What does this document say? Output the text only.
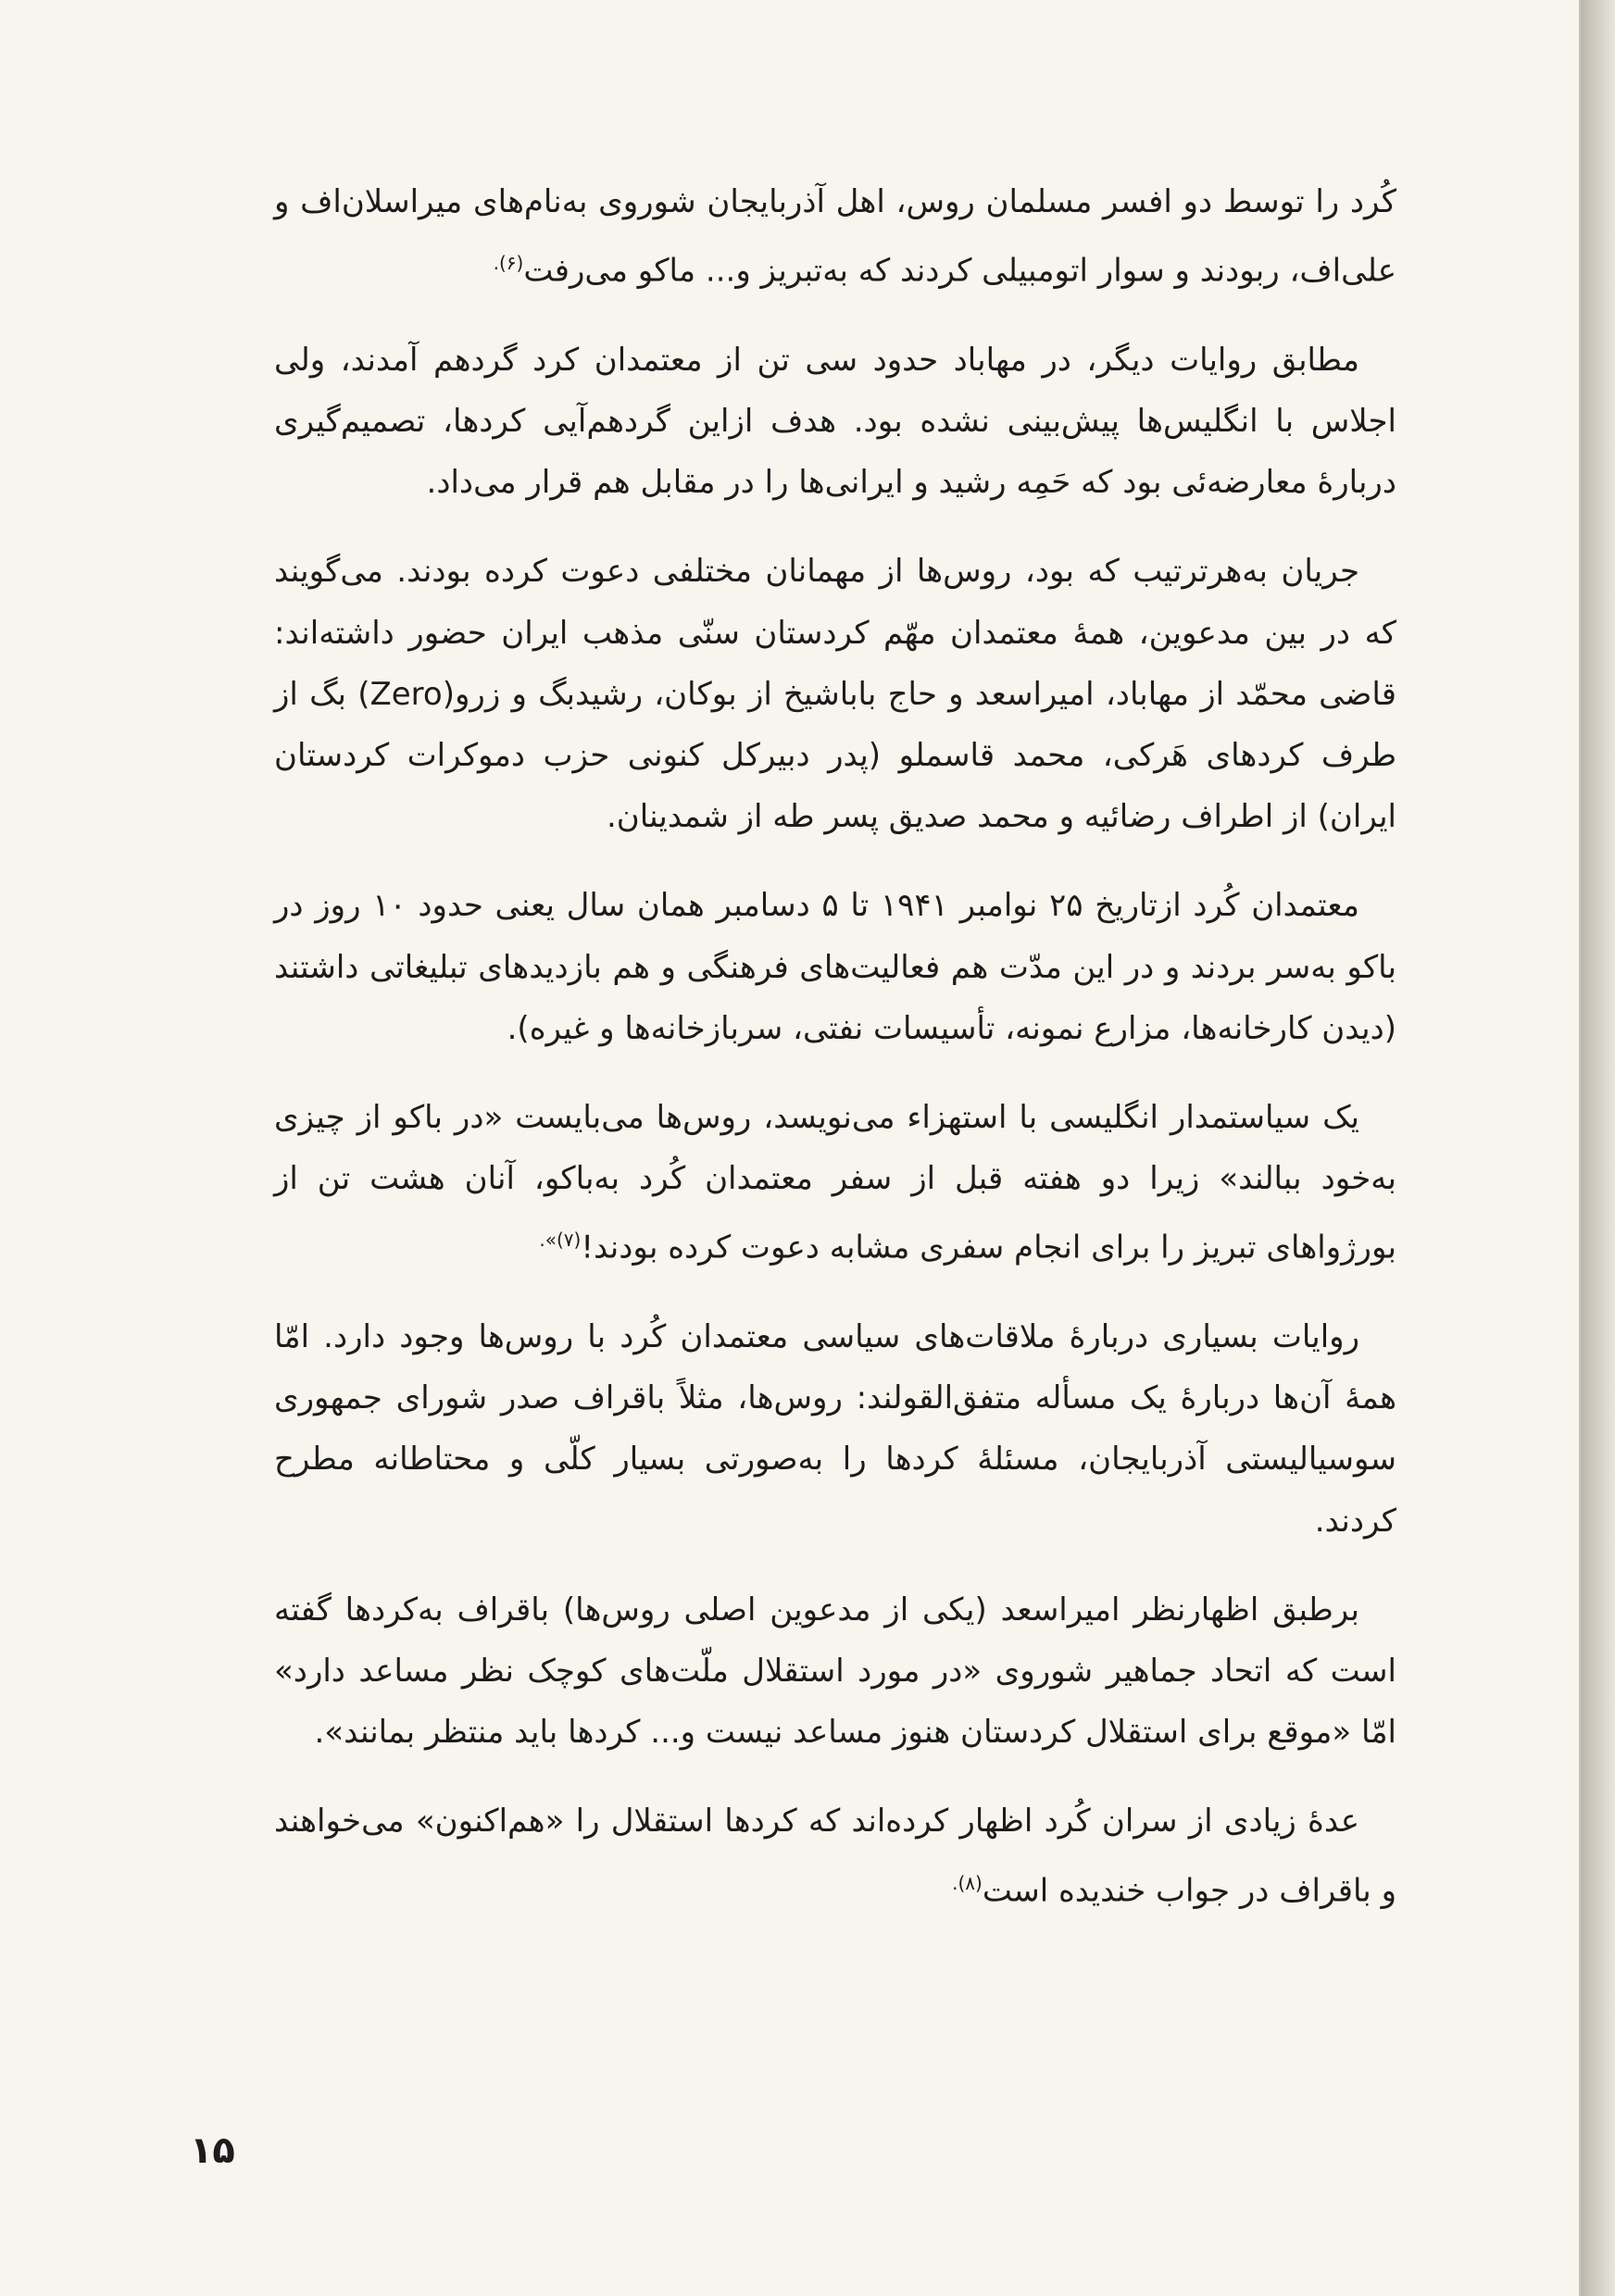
کُرد را توسط دو افسر مسلمان روس، اهل آذربایجان شوروی به‌نام‌های میراسلان‌اف و علی‌اف، ربودند و سوار اتومبیلی کردند که به‌تبریز و... ماکو می‌رفت$^{(۶).}$

مطابق روایات دیگر، در مهاباد حدود سی تن از معتمدان کرد گردهم آمدند، ولی اجلاس با انگلیس‌ها پیش‌بینی نشده بود. هدف ازاین گردهم‌آیی کردها، تصمیم‌گیری دربارهٔ معارضه‌ئی بود که حَمِه رشید و ایرانی‌ها را در مقابل هم قرار می‌داد.

جریان به‌هرترتیب که بود، روس‌ها از مهمانان مختلفی دعوت کرده بودند. می‌گویند که در بین مدعوین، همهٔ معتمدان مهّم کردستان سنّی مذهب ایران حضور داشته‌اند: قاضی محمّد از مهاباد، امیراسعد و حاج باباشیخ از بوکان، رشیدبگ و زرو(Zero) بگ از طرف کردهای هَرکی، محمد قاسملو (پدر دبیرکل کنونی حزب دموکرات کردستان ایران) از اطراف رضائیه و محمد صدیق پسر طه از شمدینان.

معتمدان کُرد ازتاریخ ۲۵ نوامبر ۱۹۴۱ تا ۵ دسامبر همان سال یعنی حدود ۱۰ روز در باکو به‌سر بردند و در این مدّت هم فعالیت‌های فرهنگی و هم بازدیدهای تبلیغاتی داشتند (دیدن کارخانه‌ها، مزارع نمونه، تأسیسات نفتی، سربازخانه‌ها و غیره).

یک سیاستمدار انگلیسی با استهزاء می‌نویسد، روس‌ها می‌بایست «در باکو از چیزی به‌خود ببالند» زیرا دو هفته قبل از سفر معتمدان کُرد به‌باکو، آنان هشت تن از بورژواهای تبریز را برای انجام سفری مشابه دعوت کرده بودند!$^{(۷)».}$

روایات بسیاری دربارهٔ ملاقات‌های سیاسی معتمدان کُرد با روس‌ها وجود دارد. امّا همهٔ آن‌ها دربارهٔ یک مسأله متفق‌القولند: روس‌ها، مثلاً باقراف صدر شورای جمهوری سوسیالیستی آذربایجان، مسئلهٔ کردها را به‌صورتی بسیار کلّی و محتاطانه مطرح کردند.

برطبق اظهارنظر امیراسعد (یکی از مدعوین اصلی روس‌ها) باقراف به‌کردها گفته است که اتحاد جماهیر شوروی «در مورد استقلال ملّت‌های کوچک نظر مساعد دارد» امّا «موقع برای استقلال کردستان هنوز مساعد نیست و... کردها باید منتظر بمانند».

عدهٔ زیادی از سران کُرد اظهار کرده‌اند که کردها استقلال را «هم‌اکنون» می‌خواهند و باقراف در جواب خندیده است$^{(۸).}$

۱۵
